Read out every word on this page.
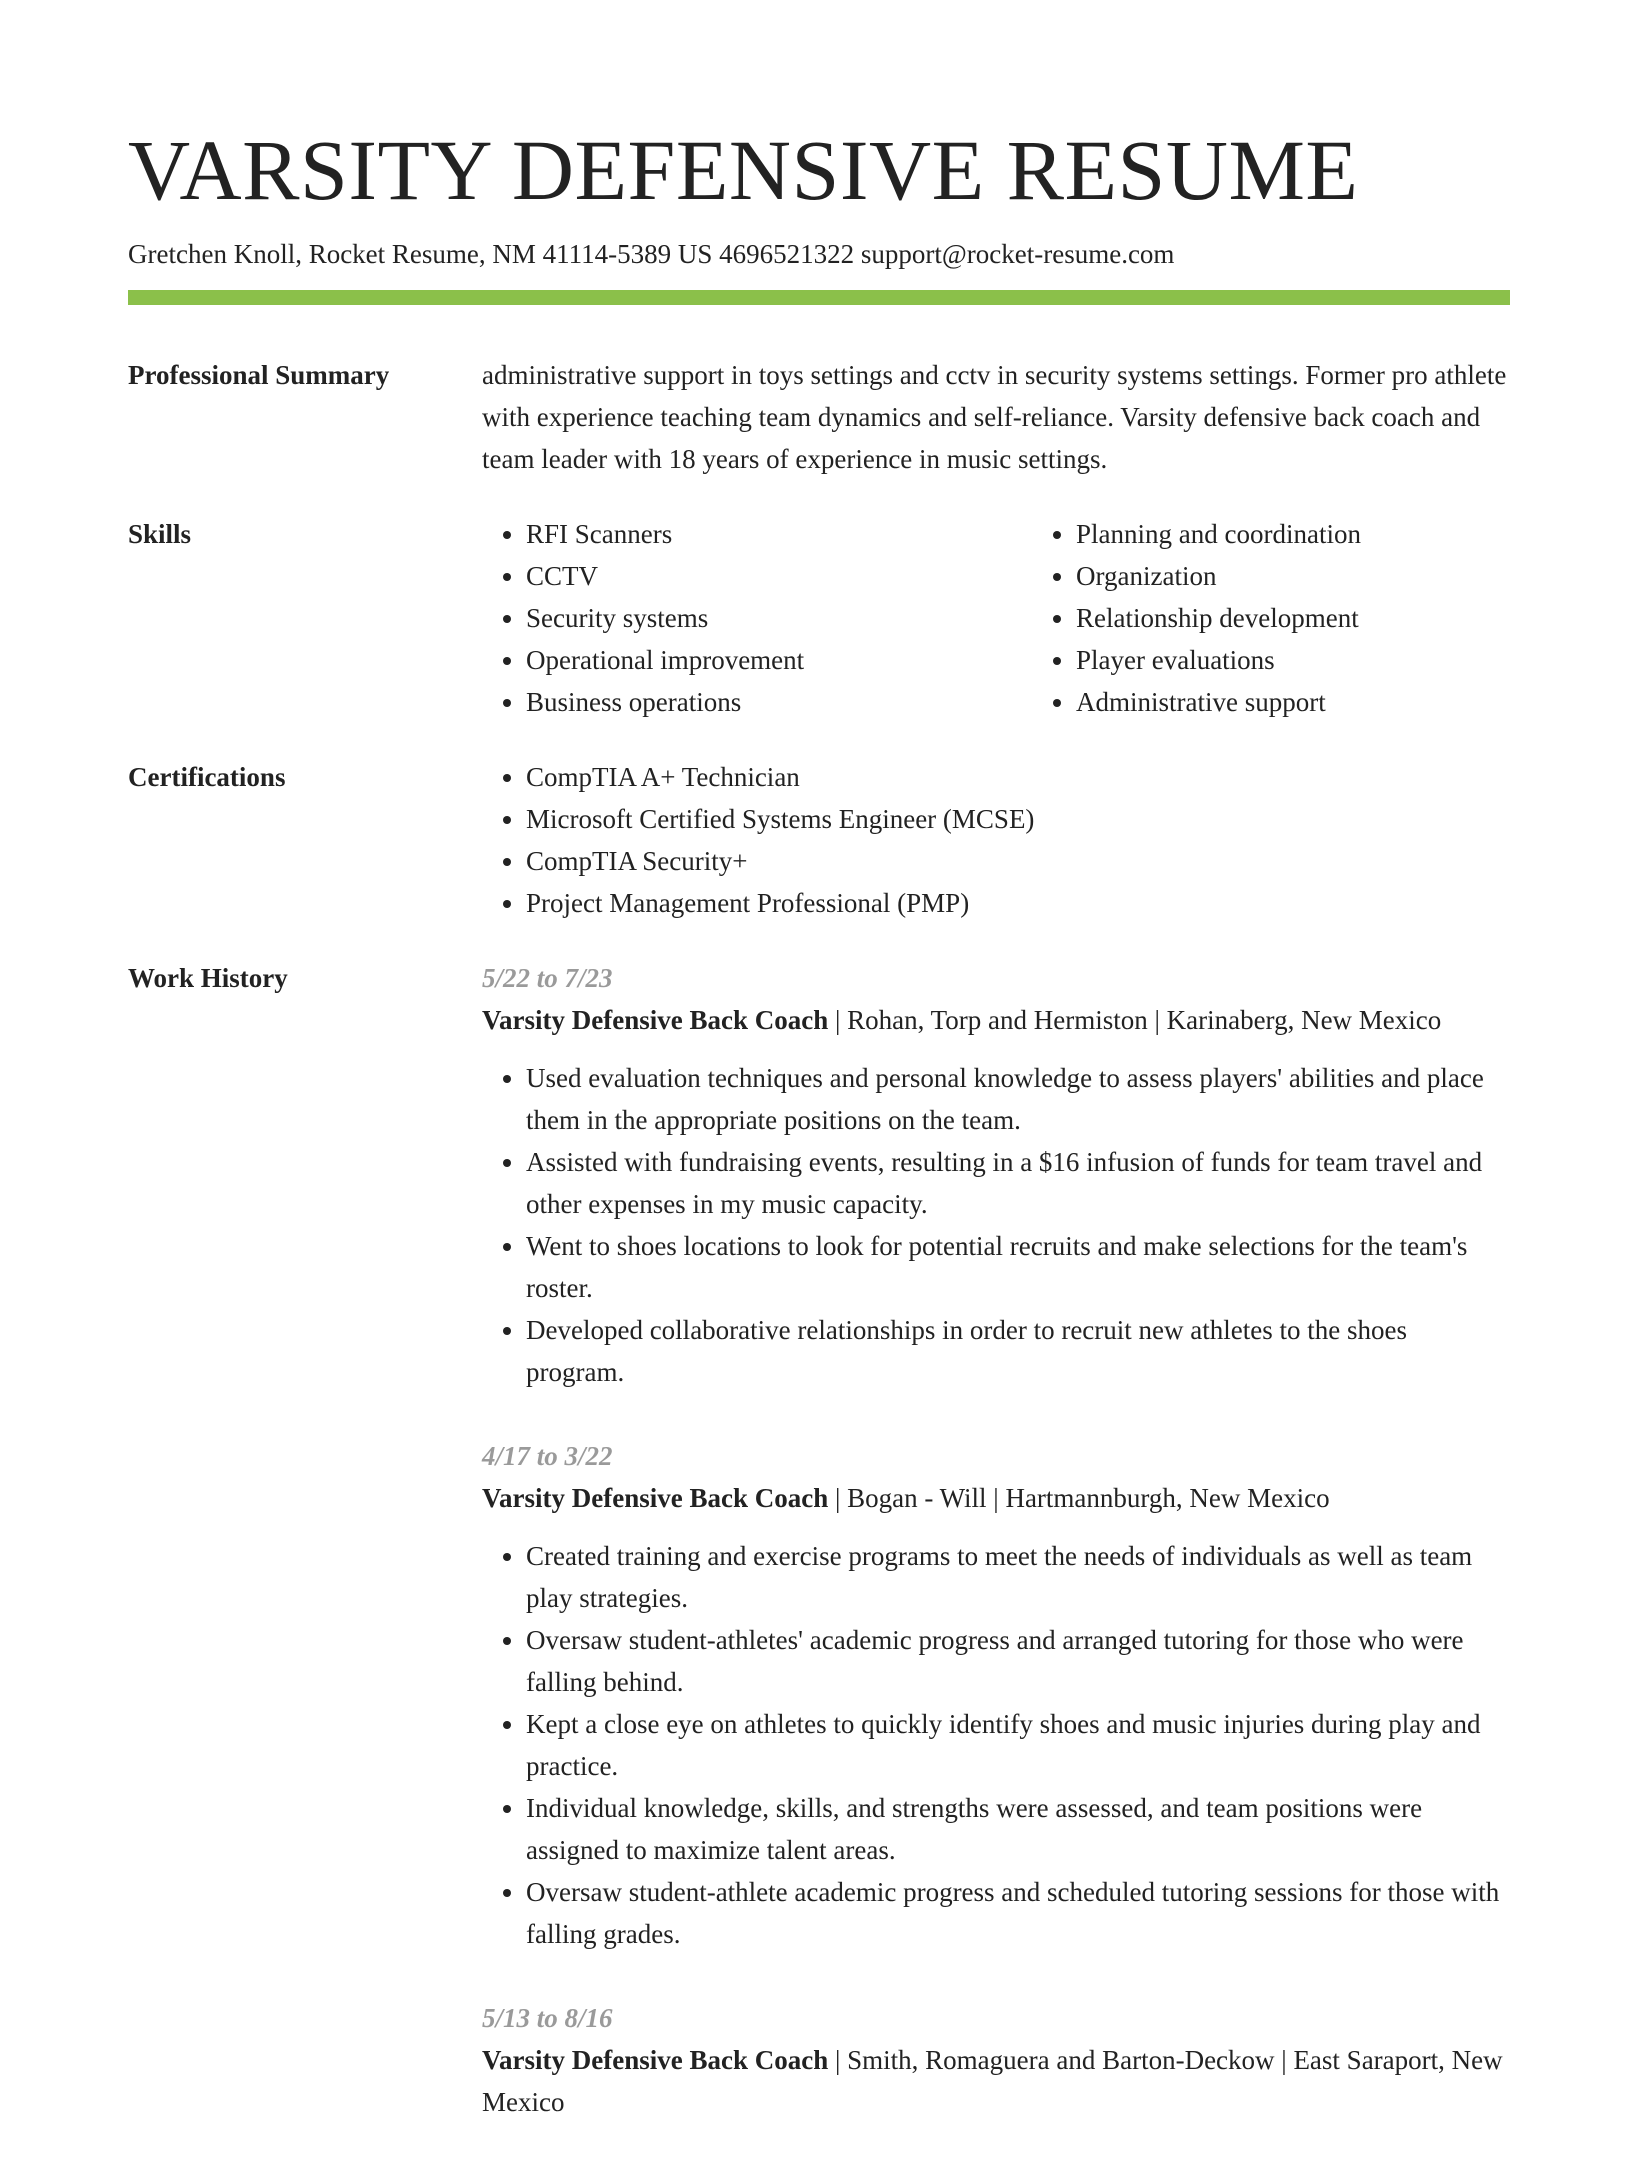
VARSITY DEFENSIVE RESUME
Gretchen Knoll, Rocket Resume, NM 41114-5389 US 4696521322 support@rocket-resume.com
Professional Summary	administrative support in toys settings and cctv in security systems settings. Former pro athlete with experience teaching team dynamics and self-reliance. Varsity defensive back coach and team leader with 18 years of experience in music settings.
Skills	• RFI Scanners
• CCTV
• Security systems
• Operational improvement
• Business operations
• Planning and coordination
• Organization
• Relationship development
• Player evaluations
• Administrative support
Certifications	• CompTIA A+ Technician
• Microsoft Certified Systems Engineer (MCSE)
• CompTIA Security+
• Project Management Professional (PMP)
Work History	5/22 to 7/23
Varsity Defensive Back Coach | Rohan, Torp and Hermiston | Karinaberg, New Mexico
• Used evaluation techniques and personal knowledge to assess players' abilities and place them in the appropriate positions on the team.
• Assisted with fundraising events, resulting in a $16 infusion of funds for team travel and other expenses in my music capacity.
• Went to shoes locations to look for potential recruits and make selections for the team's roster.
• Developed collaborative relationships in order to recruit new athletes to the shoes program.
4/17 to 3/22
Varsity Defensive Back Coach | Bogan - Will | Hartmannburgh, New Mexico
• Created training and exercise programs to meet the needs of individuals as well as team play strategies.
• Oversaw student-athletes' academic progress and arranged tutoring for those who were falling behind.
• Kept a close eye on athletes to quickly identify shoes and music injuries during play and practice.
• Individual knowledge, skills, and strengths were assessed, and team positions were assigned to maximize talent areas.
• Oversaw student-athlete academic progress and scheduled tutoring sessions for those with falling grades.
5/13 to 8/16
Varsity Defensive Back Coach | Smith, Romaguera and Barton-Deckow | East Saraport, New Mexico
